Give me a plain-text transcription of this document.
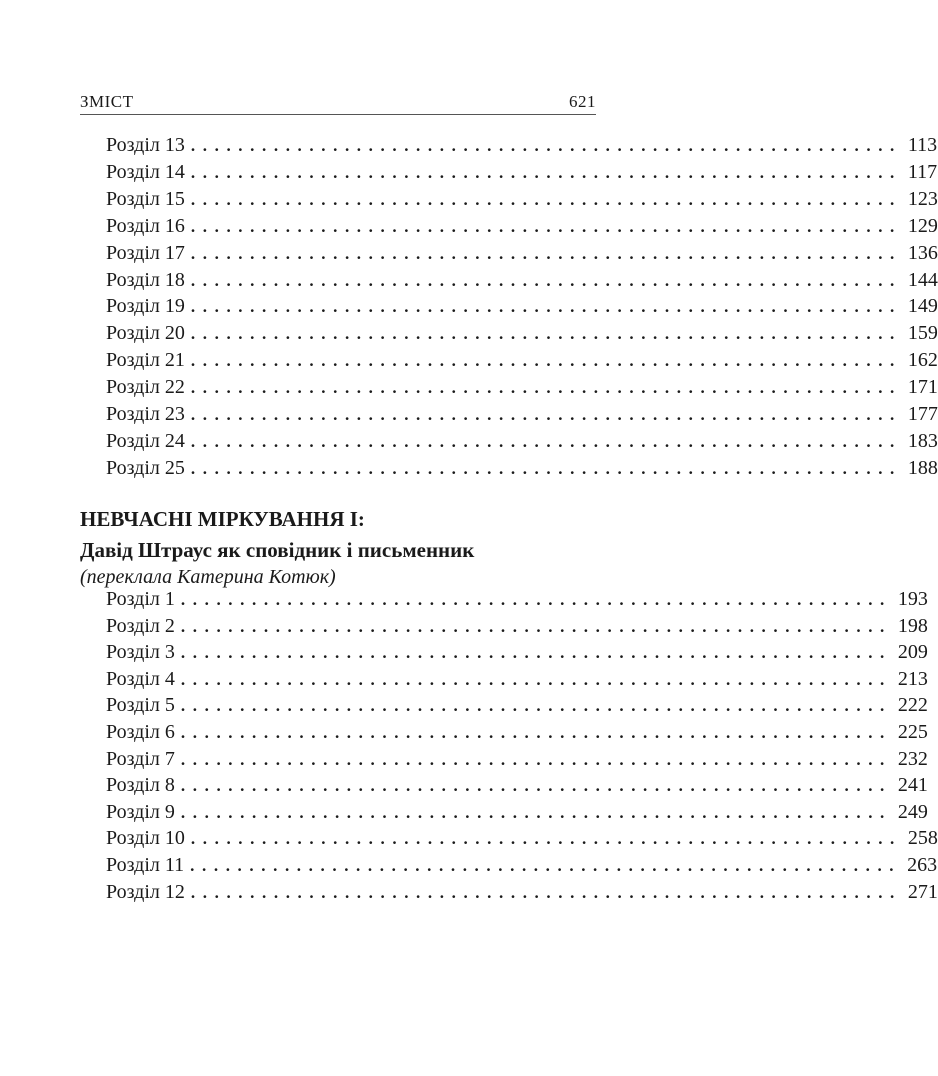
ЗМІСТ	621
Розділ 13 ............................................................ 113
Розділ 14 ............................................................ 117
Розділ 15 ............................................................ 123
Розділ 16 ............................................................ 129
Розділ 17 ............................................................ 136
Розділ 18 ............................................................ 144
Розділ 19 ............................................................ 149
Розділ 20 ............................................................ 159
Розділ 21 ............................................................ 162
Розділ 22 ............................................................ 171
Розділ 23 ............................................................ 177
Розділ 24 ............................................................ 183
Розділ 25 ............................................................ 188
НЕВЧАСНІ МІРКУВАННЯ І:
Давід Штраус як сповідник і письменник
(переклала Катерина Котюк)
Розділ 1 ............................................................ 193
Розділ 2 ............................................................ 198
Розділ 3 ............................................................ 209
Розділ 4 ............................................................ 213
Розділ 5 ............................................................ 222
Розділ 6 ............................................................ 225
Розділ 7 ............................................................ 232
Розділ 8 ............................................................ 241
Розділ 9 ............................................................ 249
Розділ 10 ............................................................ 258
Розділ 11 ............................................................ 263
Розділ 12 ............................................................ 271
